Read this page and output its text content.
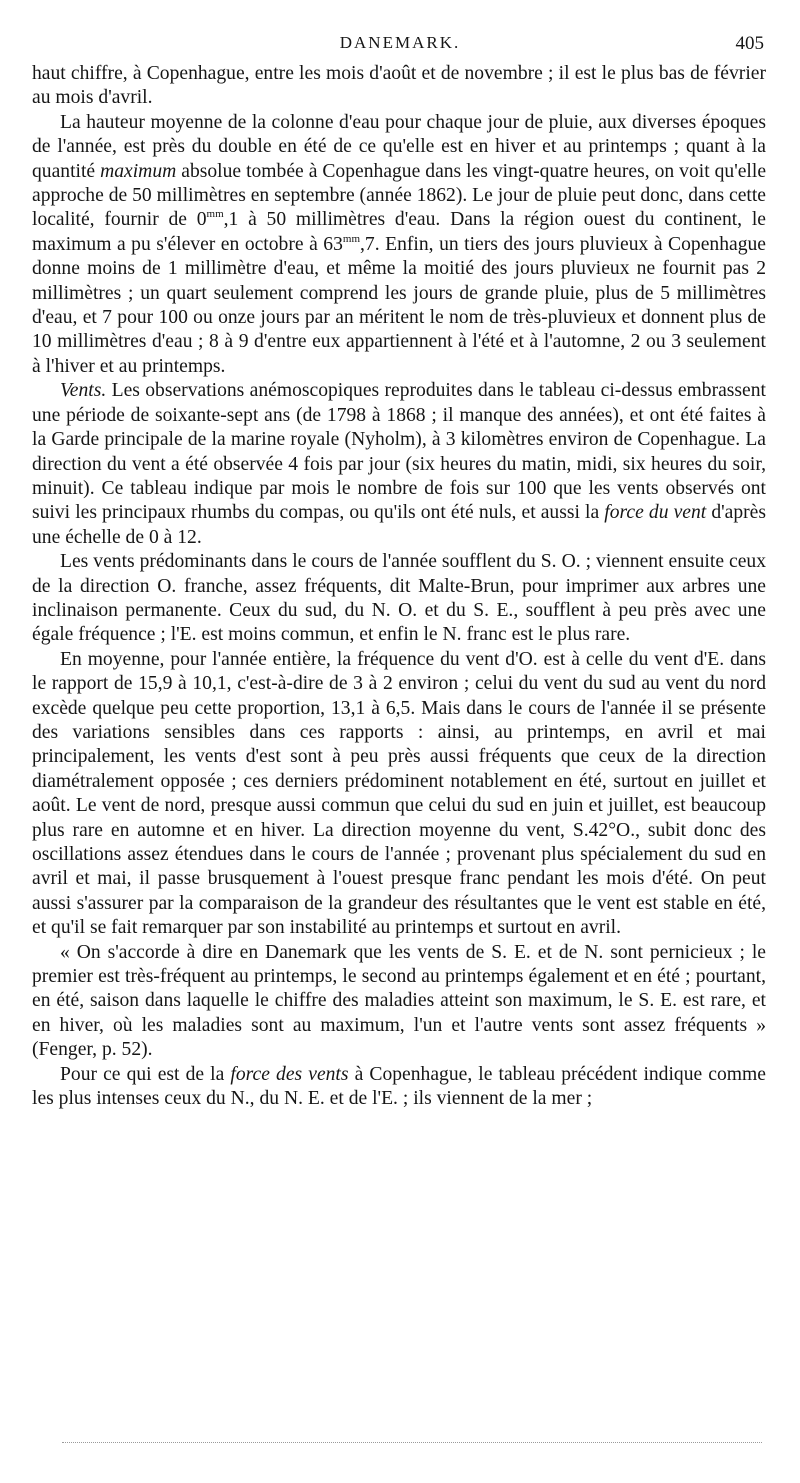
DANEMARK.	405

haut chiffre, à Copenhague, entre les mois d'août et de novembre ; il est le plus bas de février au mois d'avril.

La hauteur moyenne de la colonne d'eau pour chaque jour de pluie, aux diverses époques de l'année, est près du double en été de ce qu'elle est en hiver et au printemps ; quant à la quantité maximum absolue tombée à Copenhague dans les vingt-quatre heures, on voit qu'elle approche de 50 millimètres en septembre (année 1862). Le jour de pluie peut donc, dans cette localité, fournir de $0^{mm},1$ à 50 millimètres d'eau. Dans la région ouest du continent, le maximum a pu s'élever en octobre à $63^{mm},7$. Enfin, un tiers des jours pluvieux à Copenhague donne moins de 1 millimètre d'eau, et même la moitié des jours pluvieux ne fournit pas 2 millimètres ; un quart seulement comprend les jours de grande pluie, plus de 5 millimètres d'eau, et 7 pour 100 ou onze jours par an méritent le nom de très-pluvieux et donnent plus de 10 millimètres d'eau ; 8 à 9 d'entre eux appartiennent à l'été et à l'automne, 2 ou 3 seulement à l'hiver et au printemps.

Vents. Les observations anémoscopiques reproduites dans le tableau ci-dessus embrassent une période de soixante-sept ans (de 1798 à 1868 ; il manque des années), et ont été faites à la Garde principale de la marine royale (Nyholm), à 3 kilomètres environ de Copenhague. La direction du vent a été observée 4 fois par jour (six heures du matin, midi, six heures du soir, minuit). Ce tableau indique par mois le nombre de fois sur 100 que les vents observés ont suivi les principaux rhumbs du compas, ou qu'ils ont été nuls, et aussi la force du vent d'après une échelle de 0 à 12.

Les vents prédominants dans le cours de l'année soufflent du S. O. ; viennent ensuite ceux de la direction O. franche, assez fréquents, dit Malte-Brun, pour imprimer aux arbres une inclinaison permanente. Ceux du sud, du N. O. et du S. E., soufflent à peu près avec une égale fréquence ; l'E. est moins commun, et enfin le N. franc est le plus rare.

En moyenne, pour l'année entière, la fréquence du vent d'O. est à celle du vent d'E. dans le rapport de 15,9 à 10,1, c'est-à-dire de 3 à 2 environ ; celui du vent du sud au vent du nord excède quelque peu cette proportion, 13,1 à 6,5. Mais dans le cours de l'année il se présente des variations sensibles dans ces rapports : ainsi, au printemps, en avril et mai principalement, les vents d'est sont à peu près aussi fréquents que ceux de la direction diamétralement opposée ; ces derniers prédominent notablement en été, surtout en juillet et août. Le vent de nord, presque aussi commun que celui du sud en juin et juillet, est beaucoup plus rare en automne et en hiver. La direction moyenne du vent, S.42°O., subit donc des oscillations assez étendues dans le cours de l'année ; provenant plus spécialement du sud en avril et mai, il passe brusquement à l'ouest presque franc pendant les mois d'été. On peut aussi s'assurer par la comparaison de la grandeur des résultantes que le vent est stable en été, et qu'il se fait remarquer par son instabilité au printemps et surtout en avril.

« On s'accorde à dire en Danemark que les vents de S. E. et de N. sont pernicieux ; le premier est très-fréquent au printemps, le second au printemps également et en été ; pourtant, en été, saison dans laquelle le chiffre des maladies atteint son maximum, le S. E. est rare, et en hiver, où les maladies sont au maximum, l'un et l'autre vents sont assez fréquents » (Fenger, p. 52).

Pour ce qui est de la force des vents à Copenhague, le tableau précédent indique comme les plus intenses ceux du N., du N. E. et de l'E. ; ils viennent de la mer ;
